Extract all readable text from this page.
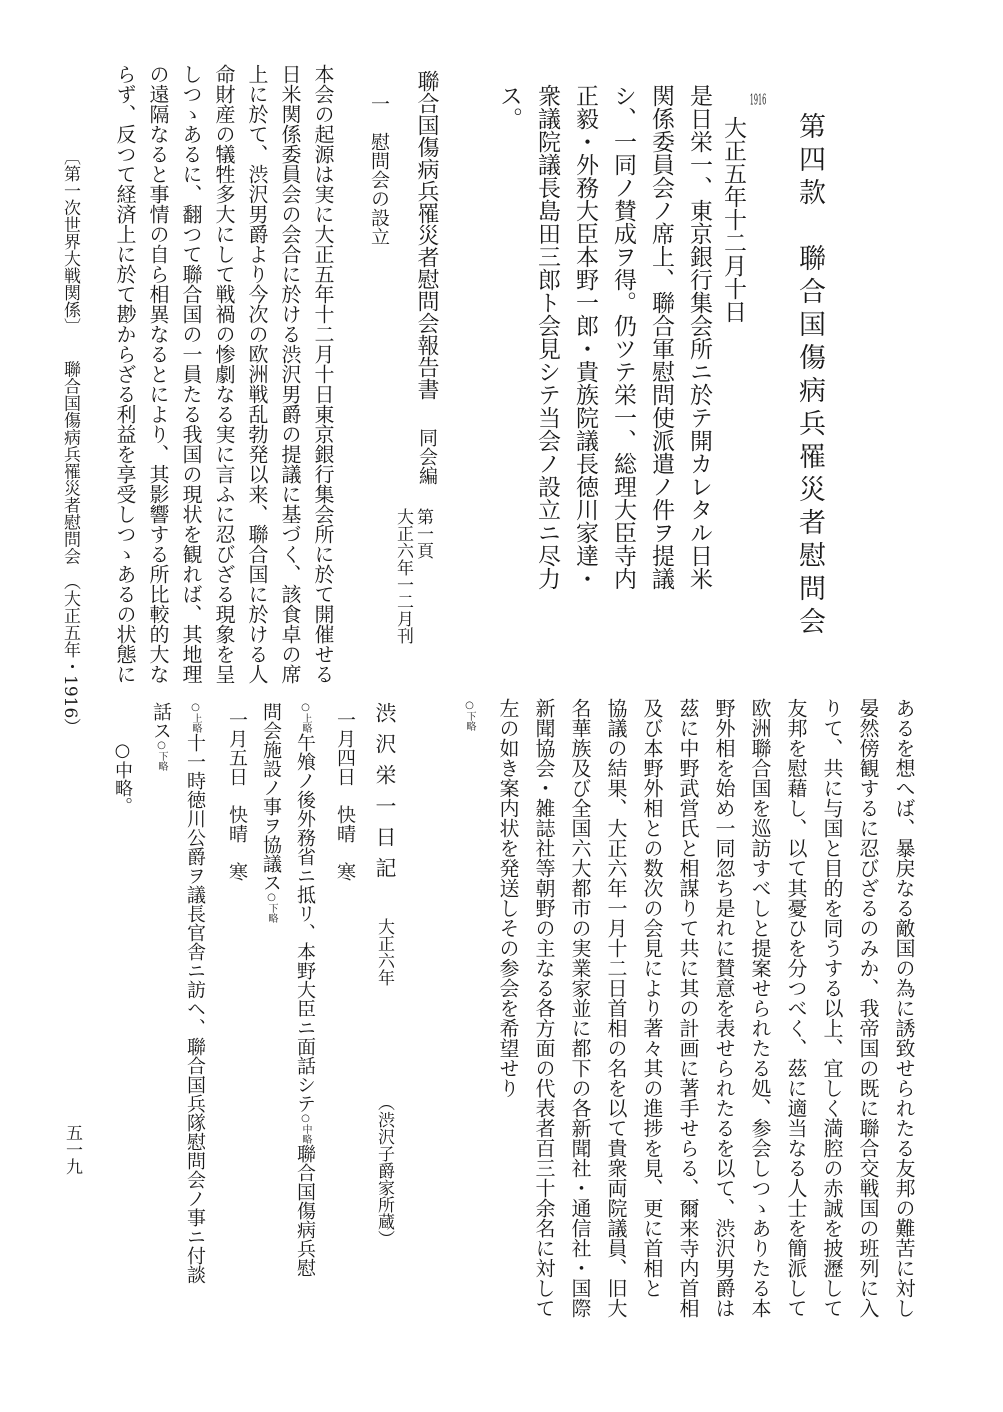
第四款　聯合国傷病兵罹災者慰問会
1916
大正五年十二月十日
是日栄一、東京銀行集会所ニ於テ開カレタル日米
関係委員会ノ席上、聯合軍慰問使派遣ノ件ヲ提議
シ、一同ノ賛成ヲ得。仍ツテ栄一、総理大臣寺内
正毅・外務大臣本野一郎・貴族院議長徳川家達・
衆議院議長島田三郎ト会見シテ当会ノ設立ニ尽力
ス。
聯合国傷病兵罹災者慰問会報告書
同会編
第一頁
大正六年一二月刊
一　慰問会の設立
本会の起源は実に大正五年十二月十日東京銀行集会所に於て開催せる
日米関係委員会の会合に於ける渋沢男爵の提議に基づく、該食卓の席
上に於て、渋沢男爵より今次の欧洲戦乱勃発以来、聯合国に於ける人
命財産の犠牲多大にして戦禍の惨劇なる実に言ふに忍びざる現象を呈
しつゝあるに、翻つて聯合国の一員たる我国の現状を観れば、其地理
の遠隔なると事情の自ら相異なるとにより、其影響する所比較的大な
らず、反つて経済上に於て尠からざる利益を享受しつゝあるの状態に
あるを想へば、暴戻なる敵国の為に誘致せられたる友邦の難苦に対し
晏然傍観するに忍びざるのみか、我帝国の既に聯合交戦国の班列に入
りて、共に与国と目的を同うする以上、宜しく満腔の赤誠を披瀝して
友邦を慰藉し、以て其憂ひを分つべく、茲に適当なる人士を簡派して
欧洲聯合国を巡訪すべしと提案せられたる処、参会しつゝありたる本
野外相を始め一同忽ち是れに賛意を表せられたるを以て、渋沢男爵は
茲に中野武営氏と相謀りて共に其の計画に著手せらる、爾来寺内首相
及び本野外相との数次の会見により著々其の進捗を見、更に首相と
協議の結果、大正六年一月十二日首相の名を以て貴衆両院議員、旧大
名華族及び全国六大都市の実業家並に都下の各新聞社・通信社・国際
新聞協会・雑誌社等朝野の主なる各方面の代表者百三十余名に対して
左の如き案内状を発送しその参会を希望せり
○下略
渋沢栄一日記
大正六年
（渋沢子爵家所蔵）
一月四日　快晴　寒
○上略午飧ノ後外務省ニ抵リ、本野大臣ニ面話シテ○中略聯合国傷病兵慰
問会施設ノ事ヲ協議ス○下略
一月五日　快晴　寒
○上略十一時徳川公爵ヲ議長官舎ニ訪ヘ、聯合国兵隊慰問会ノ事ニ付談
話ス○下略
○中略。
〔第一次世界大戦関係〕　　聯合国傷病兵罹災者慰問会　（大正五年・1916）
五一九
